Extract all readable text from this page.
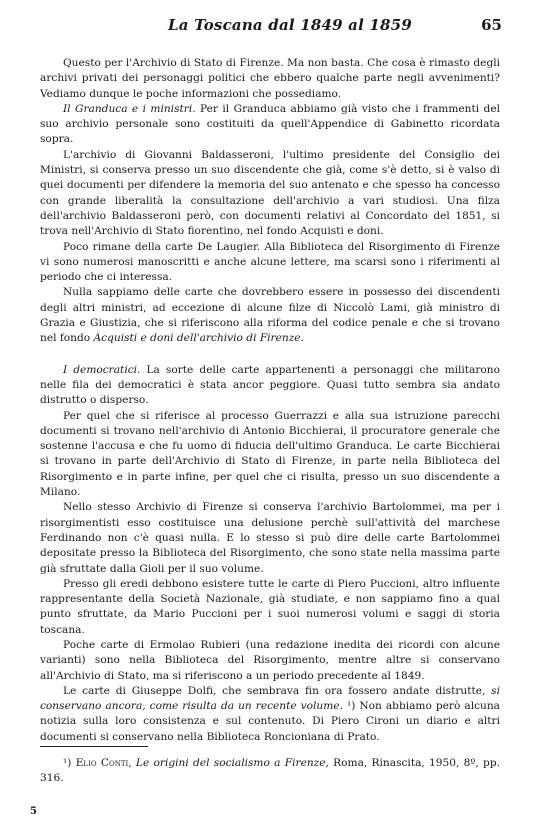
La Toscana dal 1849 al 1859	65

Questo per l'Archivio di Stato di Firenze. Ma non basta. Che cosa è rimasto degli archivi privati dei personaggi politici che ebbero qualche parte negli avvenimenti? Vediamo dunque le poche informazioni che possediamo.

Il Granduca e i ministri. Per il Granduca abbiamo già visto che i frammenti del suo archivio personale sono costituiti da quell'Appendice di Gabinetto ricordata sopra.

L'archivio di Giovanni Baldasseroni, l'ultimo presidente del Consiglio dei Ministri, si conserva presso un suo discendente che già, come s'è detto, si è valso di quei documenti per difendere la memoria del suo antenato e che spesso ha concesso con grande liberalità la consultazione dell'archivio a vari studiosi. Una filza dell'archivio Baldasseroni però, con documenti relativi al Concordato del 1851, si trova nell'Archivio di Stato fiorentino, nel fondo Acquisti e doni.

Poco rimane della carte De Laugier. Alla Biblioteca del Risorgimento di Firenze vi sono numerosi manoscritti e anche alcune lettere, ma scarsi sono i riferimenti al periodo che ci interessa.

Nulla sappiamo delle carte che dovrebbero essere in possesso dei discendenti degli altri ministri, ad eccezione di alcune filze di Niccolò Lami, già ministro di Grazia e Giustizia, che si riferiscono alla riforma del codice penale e che si trovano nel fondo Acquisti e doni dell'archivio di Firenze.

I democratici. La sorte delle carte appartenenti a personaggi che militarono nelle fila dei democratici è stata ancor peggiore. Quasi tutto sembra sia andato distrutto o disperso.

Per quel che si riferisce al processo Guerrazzi e alla sua istruzione parecchi documenti si trovano nell'archivio di Antonio Bicchierai, il procuratore generale che sostenne l'accusa e che fu uomo di fiducia dell'ultimo Granduca. Le carte Bicchierai si trovano in parte dell'Archivio di Stato di Firenze, in parte nella Biblioteca del Risorgimento e in parte infine, per quel che ci risulta, presso un suo discendente a Milano.

Nello stesso Archivio di Firenze si conserva l'archivio Bartolommei, ma per i risorgimentisti esso costituisce una delusione perchè sull'attività del marchese Ferdinando non c'è quasi nulla. E lo stesso si può dire delle carte Bartolommei depositate presso la Biblioteca del Risorgimento, che sono state nella massima parte già sfruttate dalla Gioli per il suo volume.

Presso gli eredi debbono esistere tutte le carte di Piero Puccioni, altro influente rappresentante della Società Nazionale, già studiate, e non sappiamo fino a qual punto sfruttate, da Mario Puccioni per i suoi numerosi volumi e saggi di storia toscana.

Poche carte di Ermolao Rubieri (una redazione inedita dei ricordi con alcune varianti) sono nella Biblioteca del Risorgimento, mentre altre si conservano all'Archivio di Stato, ma si riferiscono a un periodo precedente al 1849.

Le carte di Giuseppe Dolfi, che sembrava fin ora fossero andate distrutte, si conservano ancora, come risulta da un recente volume. ¹) Non abbiamo però alcuna notizia sulla loro consistenza e sul contenuto. Di Piero Cironi un diario e altri documenti si conservano nella Biblioteca Roncioniana di Prato.

¹) Elio Conti, Le origini del socialismo a Firenze, Roma, Rinascita, 1950, 8º, pp. 316.

5
